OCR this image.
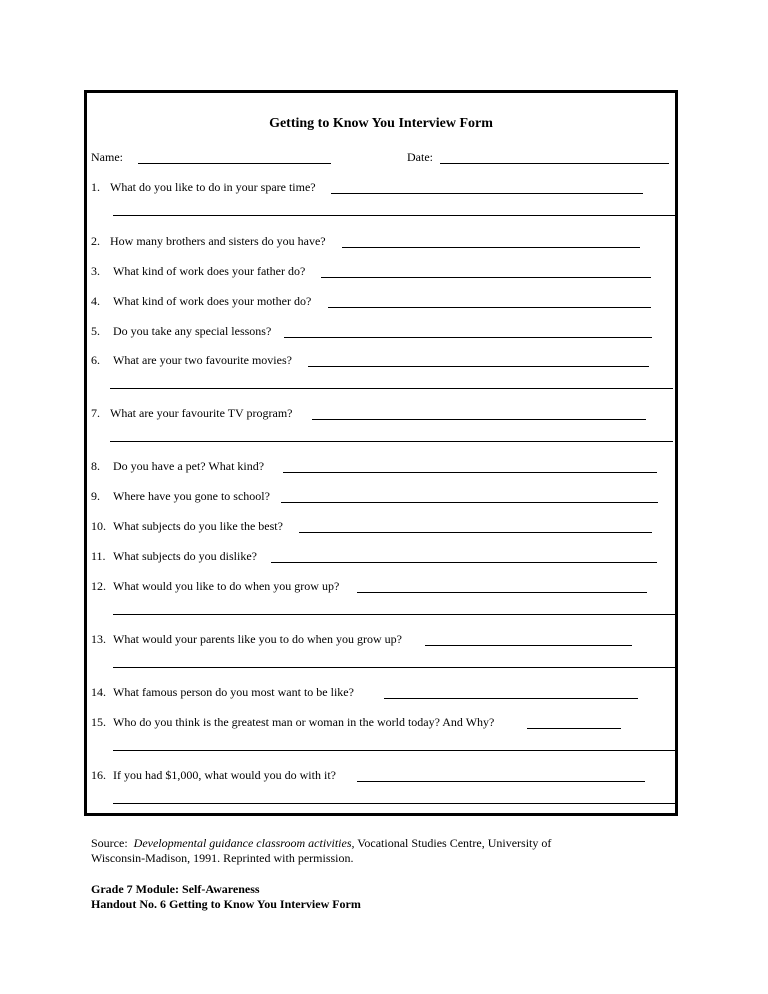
Getting to Know You Interview Form
Name:	Date:
1. What do you like to do in your spare time?
2. How many brothers and sisters do you have?
3. What kind of work does your father do?
4. What kind of work does your mother do?
5. Do you take any special lessons?
6. What are your two favourite movies?
7. What are your favourite TV program?
8. Do you have a pet? What kind?
9. Where have you gone to school?
10. What subjects do you like the best?
11. What subjects do you dislike?
12. What would you like to do when you grow up?
13. What would your parents like you to do when you grow up?
14. What famous person do you most want to be like?
15. Who do you think is the greatest man or woman in the world today? And Why?
16. If you had $1,000, what would you do with it?
Source:  Developmental guidance classroom activities, Vocational Studies Centre, University of
Wisconsin-Madison, 1991. Reprinted with permission.
Grade 7 Module: Self-Awareness
Handout No. 6 Getting to Know You Interview Form
